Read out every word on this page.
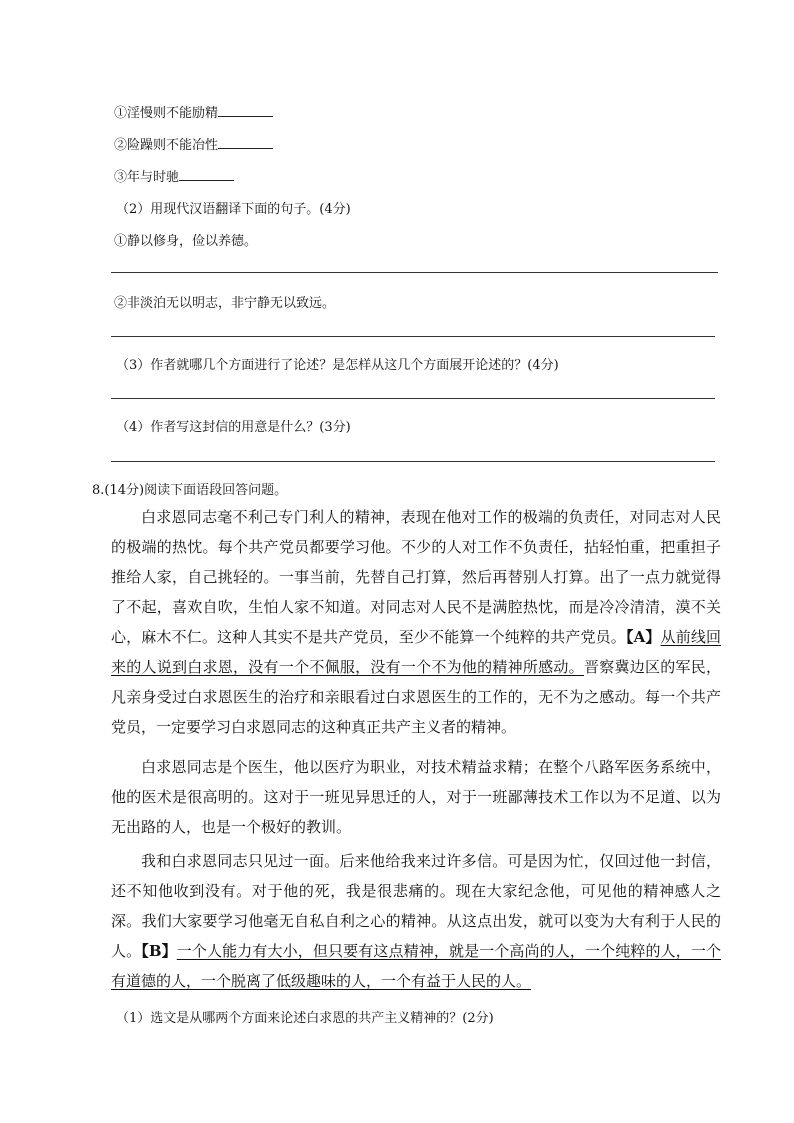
①淫慢则不能励精
②险躁则不能冶性
③年与时驰
（2）用现代汉语翻译下面的句子。(4分)
①静以修身，俭以养德。
②非淡泊无以明志，非宁静无以致远。
（3）作者就哪几个方面进行了论述？是怎样从这几个方面展开论述的？(4分)
（4）作者写这封信的用意是什么？(3分)
8.(14分)阅读下面语段回答问题。
白求恩同志毫不利己专门利人的精神，表现在他对工作的极端的负责任，对同志对人民的极端的热忱。每个共产党员都要学习他。不少的人对工作不负责任，拈轻怕重，把重担子推给人家，自己挑轻的。一事当前，先替自己打算，然后再替别人打算。出了一点力就觉得了不起，喜欢自吹，生怕人家不知道。对同志对人民不是满腔热忱，而是冷冷清清，漠不关心，麻木不仁。这种人其实不是共产党员，至少不能算一个纯粹的共产党员。【A】从前线回来的人说到白求恩，没有一个不佩服，没有一个不为他的精神所感动。晋察冀边区的军民，凡亲身受过白求恩医生的治疗和亲眼看过白求恩医生的工作的，无不为之感动。每一个共产党员，一定要学习白求恩同志的这种真正共产主义者的精神。
白求恩同志是个医生，他以医疗为职业，对技术精益求精；在整个八路军医务系统中，他的医术是很高明的。这对于一班见异思迁的人，对于一班鄙薄技术工作以为不足道、以为无出路的人，也是一个极好的教训。
我和白求恩同志只见过一面。后来他给我来过许多信。可是因为忙，仅回过他一封信，还不知他收到没有。对于他的死，我是很悲痛的。现在大家纪念他，可见他的精神感人之深。我们大家要学习他毫无自私自利之心的精神。从这点出发，就可以变为大有利于人民的人。【B】一个人能力有大小，但只要有这点精神，就是一个高尚的人，一个纯粹的人，一个有道德的人，一个脱离了低级趣味的人，一个有益于人民的人。
（1）选文是从哪两个方面来论述白求恩的共产主义精神的？(2分)
